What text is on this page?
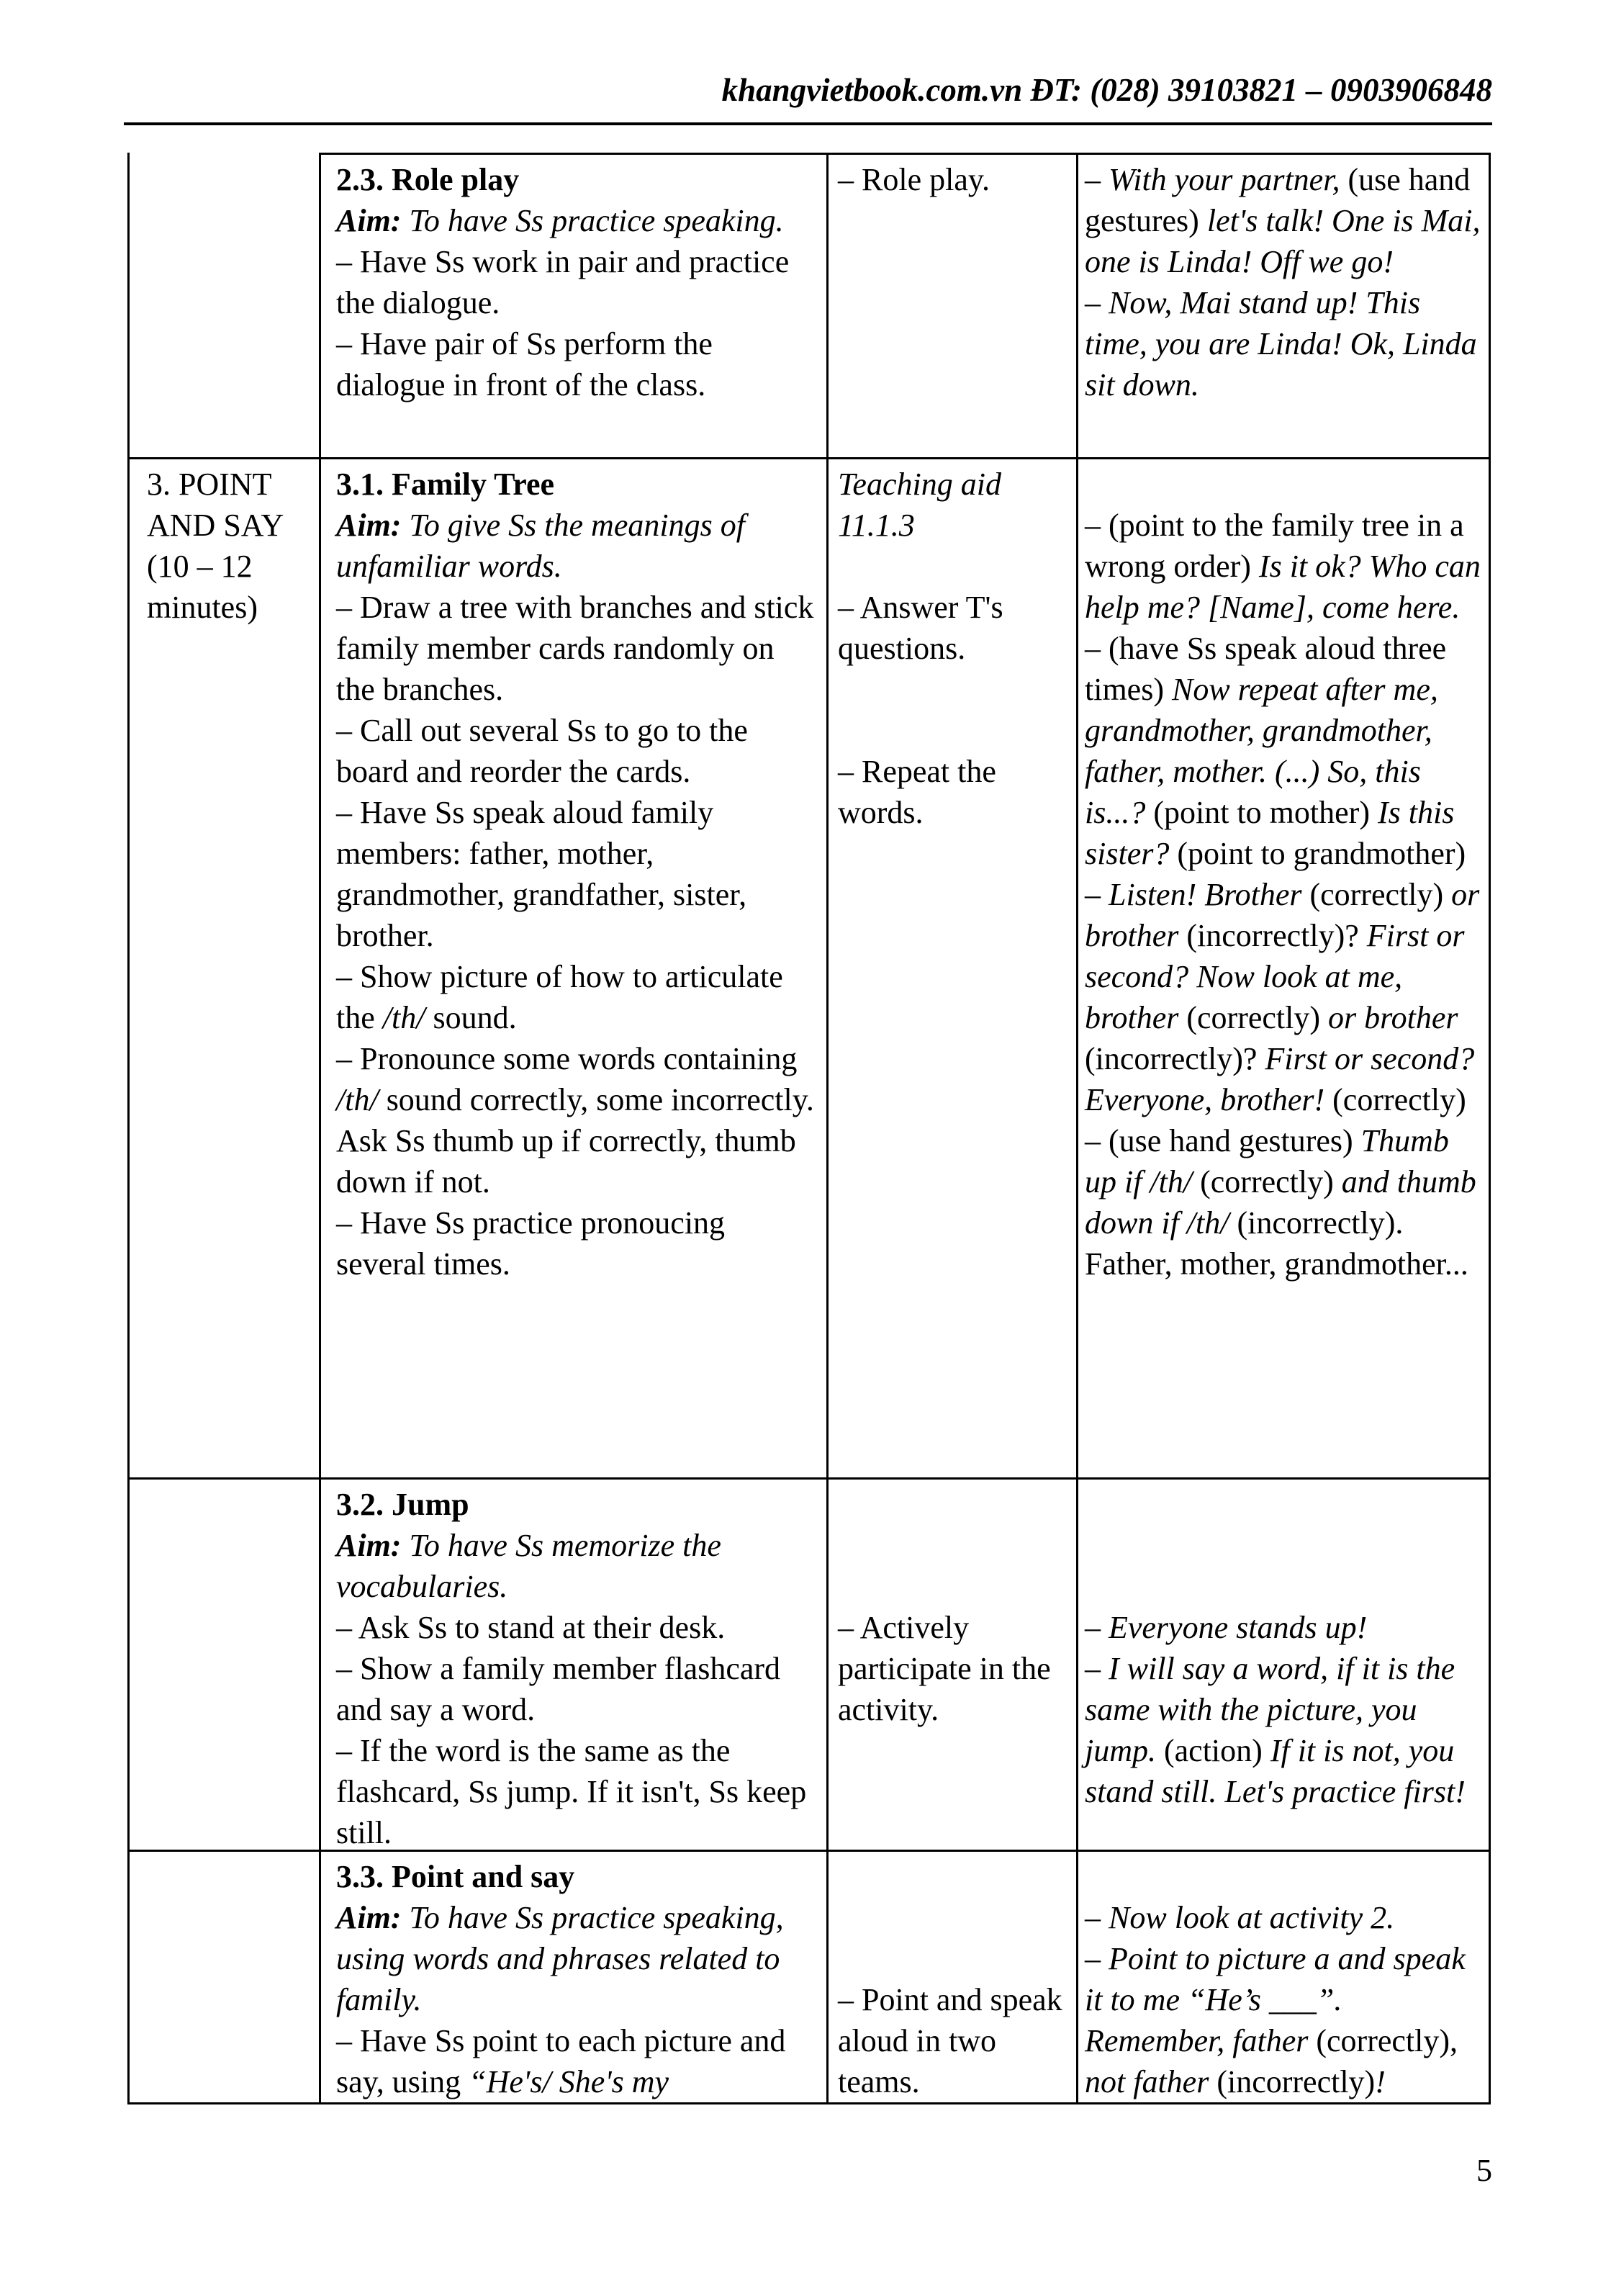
khangvietbook.com.vn ĐT: (028) 39103821 – 0903906848

2.3. Role play

Aim: To have Ss practice speaking.

– Have Ss work in pair and practice the dialogue.

– Have pair of Ss perform the dialogue in front of the class.

– Role play.	– With your partner, (use hand gestures) let's talk! One is Mai, one is Linda! Off we go!

– Now, Mai stand up! This time, you are Linda! Ok, Linda sit down.

3. POINT AND SAY (10 – 12 minutes)

3.1. Family Tree

Aim: To give Ss the meanings of unfamiliar words.

– Draw a tree with branches and stick family member cards randomly on the branches.

– Call out several Ss to go to the board and reorder the cards.

– Have Ss speak aloud family members: father, mother, grandmother, grandfather, sister, brother.

– Show picture of how to articulate the /th/ sound.

– Pronounce some words containing /th/ sound correctly, some incorrectly. Ask Ss thumb up if correctly, thumb down if not.

– Have Ss practice pronoucing several times.

Teaching aid 11.1.3

– Answer T's questions.

– Repeat the words.

– (point to the family tree in a wrong order) Is it ok? Who can help me? [Name], come here.

– (have Ss speak aloud three times) Now repeat after me, grandmother, grandmother, father, mother. (...) So, this is...? (point to mother) Is this sister? (point to grandmother)

– Listen! Brother (correctly) or brother (incorrectly)? First or second? Now look at me, brother (correctly) or brother (incorrectly)? First or second? Everyone, brother! (correctly)

– (use hand gestures) Thumb up if /th/ (correctly) and thumb down if /th/ (incorrectly). Father, mother, grandmother...

3.2. Jump

Aim: To have Ss memorize the vocabularies.

– Ask Ss to stand at their desk.

– Show a family member flashcard and say a word.

– If the word is the same as the flashcard, Ss jump. If it isn't, Ss keep still.

– Actively participate in the activity.

– Everyone stands up!

– I will say a word, if it is the same with the picture, you jump. (action) If it is not, you stand still. Let's practice first!

3.3. Point and say

Aim: To have Ss practice speaking, using words and phrases related to family.

– Have Ss point to each picture and say, using “He's/ She's my

– Point and speak aloud in two teams.

– Now look at activity 2.

– Point to picture a and speak it to me “He’s ___”. Remember, father (correctly), not father (incorrectly)!

5
